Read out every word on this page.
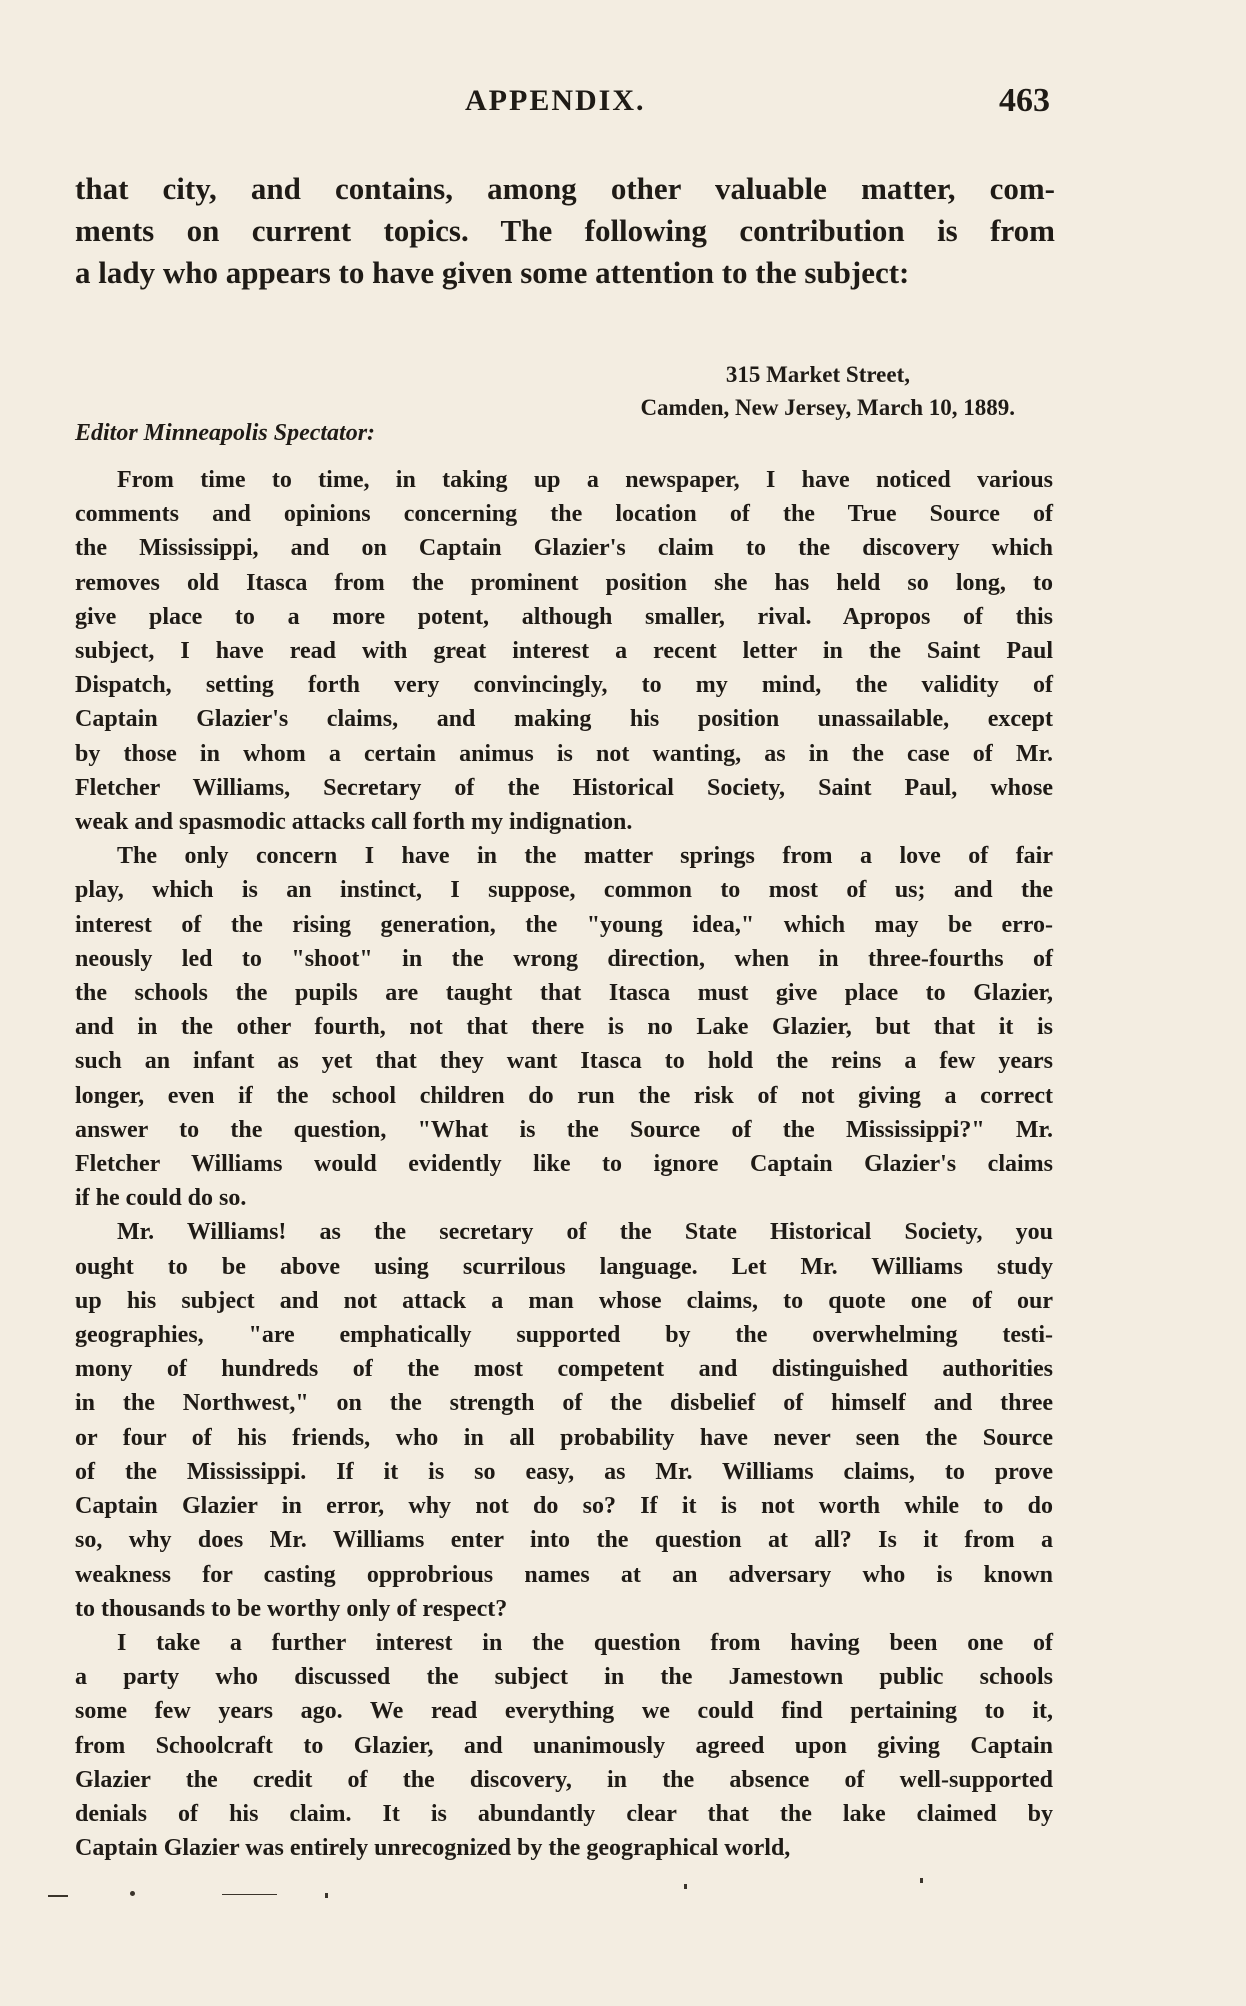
APPENDIX.	463
that city, and contains, among other valuable matter, com-
ments on current topics. The following contribution is from
a lady who appears to have given some attention to the subject:
315 Market Street,
Camden, New Jersey, March 10, 1889.
Editor Minneapolis Spectator:
From time to time, in taking up a newspaper, I have noticed various
comments and opinions concerning the location of the True Source of
the Mississippi, and on Captain Glazier's claim to the discovery which
removes old Itasca from the prominent position she has held so long, to
give place to a more potent, although smaller, rival. Apropos of this
subject, I have read with great interest a recent letter in the Saint Paul
Dispatch, setting forth very convincingly, to my mind, the validity of
Captain Glazier's claims, and making his position unassailable, except
by those in whom a certain animus is not wanting, as in the case of Mr.
Fletcher Williams, Secretary of the Historical Society, Saint Paul, whose
weak and spasmodic attacks call forth my indignation.
The only concern I have in the matter springs from a love of fair
play, which is an instinct, I suppose, common to most of us; and the
interest of the rising generation, the "young idea," which may be erro-
neously led to "shoot" in the wrong direction, when in three-fourths of
the schools the pupils are taught that Itasca must give place to Glazier,
and in the other fourth, not that there is no Lake Glazier, but that it is
such an infant as yet that they want Itasca to hold the reins a few years
longer, even if the school children do run the risk of not giving a correct
answer to the question, "What is the Source of the Mississippi?" Mr.
Fletcher Williams would evidently like to ignore Captain Glazier's claims
if he could do so.
Mr. Williams! as the secretary of the State Historical Society, you
ought to be above using scurrilous language. Let Mr. Williams study
up his subject and not attack a man whose claims, to quote one of our
geographies, "are emphatically supported by the overwhelming testi-
mony of hundreds of the most competent and distinguished authorities
in the Northwest," on the strength of the disbelief of himself and three
or four of his friends, who in all probability have never seen the Source
of the Mississippi. If it is so easy, as Mr. Williams claims, to prove
Captain Glazier in error, why not do so? If it is not worth while to do
so, why does Mr. Williams enter into the question at all? Is it from a
weakness for casting opprobrious names at an adversary who is known
to thousands to be worthy only of respect?
I take a further interest in the question from having been one of
a party who discussed the subject in the Jamestown public schools
some few years ago. We read everything we could find pertaining to it,
from Schoolcraft to Glazier, and unanimously agreed upon giving Captain
Glazier the credit of the discovery, in the absence of well-supported
denials of his claim. It is abundantly clear that the lake claimed by
Captain Glazier was entirely unrecognized by the geographical world,
